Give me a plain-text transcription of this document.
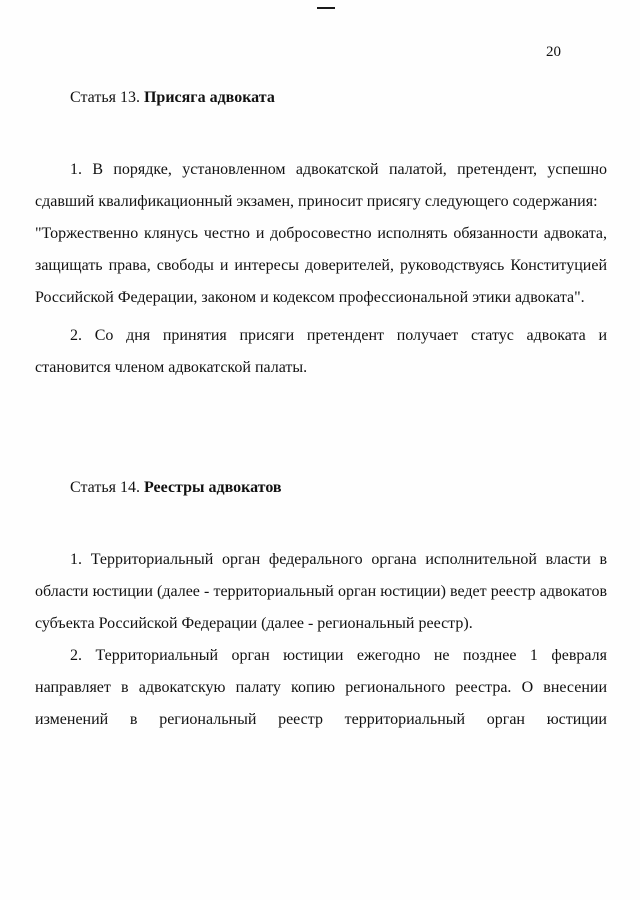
20
Статья 13. Присяга адвоката

1. В порядке, установленном адвокатской палатой, претендент, успешно сдавший квалификационный экзамен, приносит присягу следующего содержания:

"Торжественно клянусь честно и добросовестно исполнять обязанности адвоката, защищать права, свободы и интересы доверителей, руководствуясь Конституцией Российской Федерации, законом и кодексом профессиональной этики адвоката".

2. Со дня принятия присяги претендент получает статус адвоката и становится членом адвокатской палаты.

Статья 14. Реестры адвокатов

1. Территориальный орган федерального органа исполнительной власти в области юстиции (далее - территориальный орган юстиции) ведет реестр адвокатов субъекта Российской Федерации (далее - региональный реестр).

2. Территориальный орган юстиции ежегодно не позднее 1 февраля направляет в адвокатскую палату копию регионального реестра. О внесении изменений в региональный реестр территориальный орган юстиции
